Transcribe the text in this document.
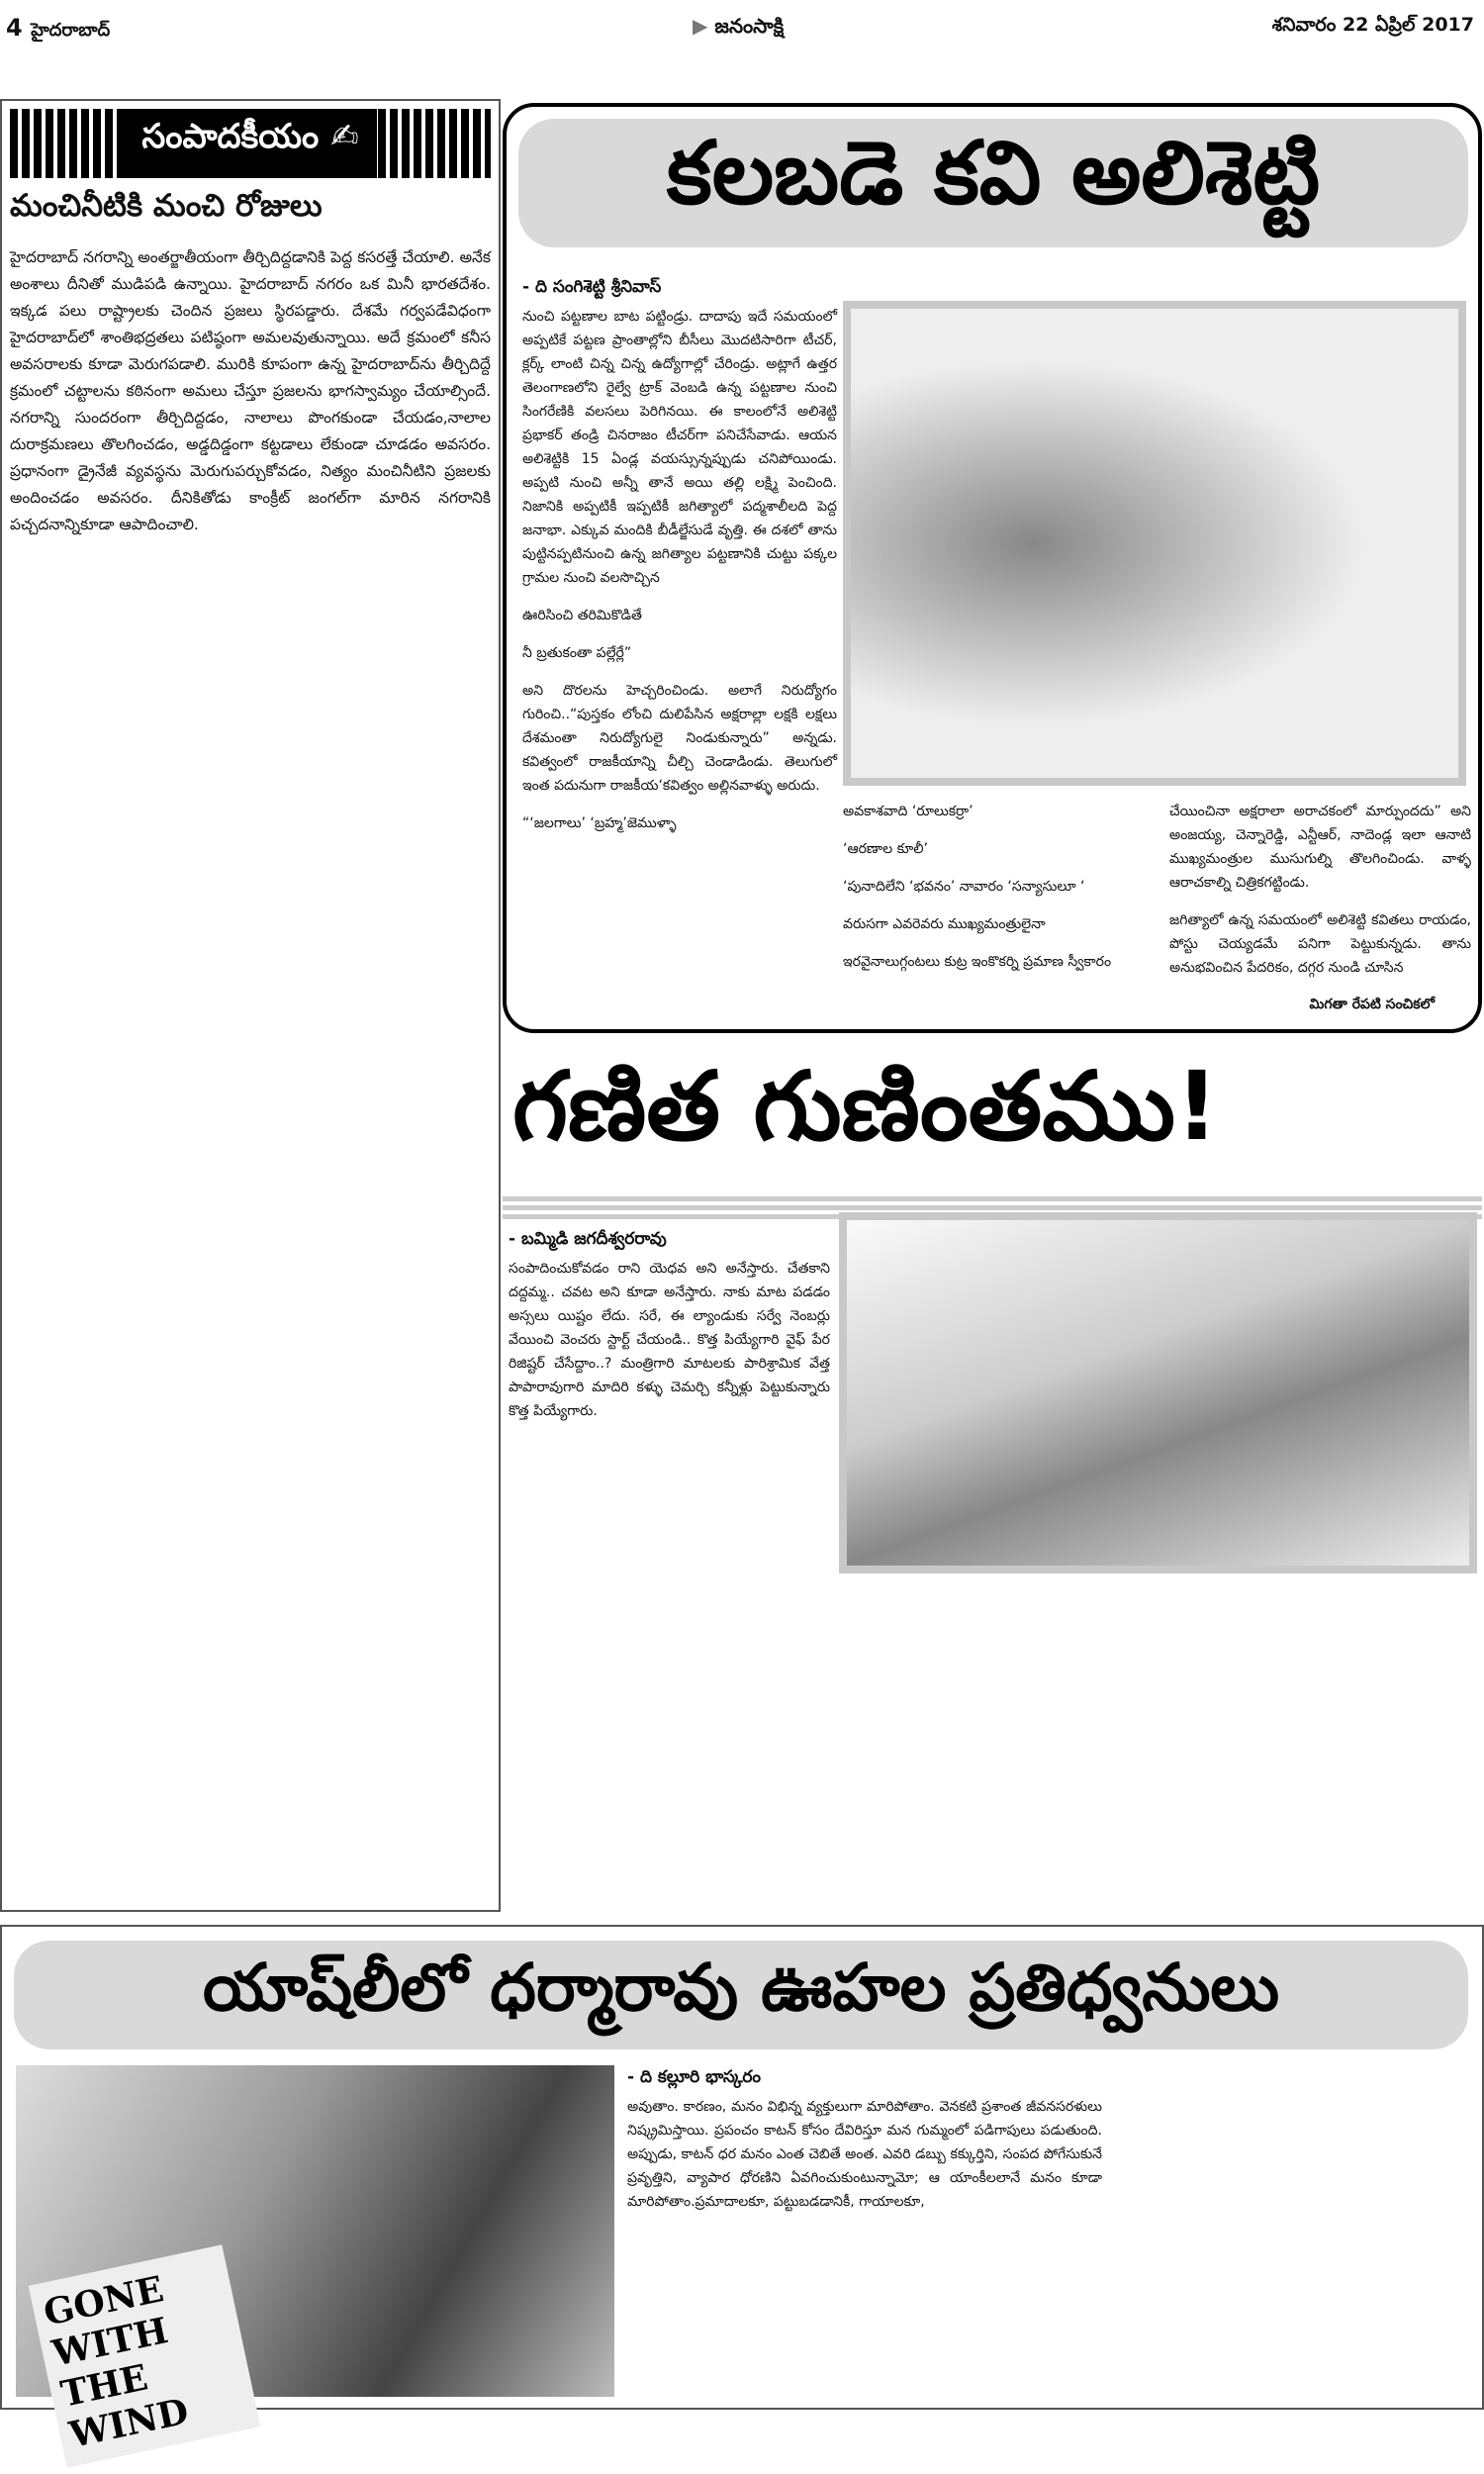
4 హైదరాబాద్	▶ జనంసాక్షి	శనివారం 22 ఏప్రిల్ 2017
సంపాదకీయం ✍
మంచినీటికి మంచి రోజులు
హైదరాబాద్ నగరాన్ని అంతర్జాతీయంగా తీర్చిదిద్దడానికి పెద్ద కసరత్తే చేయాలి. అనేక అంశాలు దీనితో ముడిపడి ఉన్నాయి. హైదరాబాద్ నగరం ఒక మినీ భారతదేశం. ఇక్కడ పలు రాష్ట్రాలకు చెందిన ప్రజలు స్థిరపడ్డారు. దేశమే గర్వపడేవిధంగా హైదరాబాద్‌లో శాంతిభద్రతలు పటిష్ఠంగా అమలవుతున్నాయి. అదే క్రమంలో కనీస అవసరాలకు కూడా మెరుగపడాలి. మురికి కూపంగా ఉన్న హైదరాబాద్‌ను తీర్చిదిద్దే క్రమంలో చట్టాలను కఠినంగా అమలు చేస్తూ ప్రజలను భాగస్వామ్యం చేయాల్సిందే. నగరాన్ని సుందరంగా తీర్చిదిద్దడం, నాలాలు పొంగకుండా చేయడం,నాలాల దురాక్రమణలు తొలగించడం, అడ్డదిడ్డంగా కట్టడాలు లేకుండా చూడడం అవసరం. ప్రధానంగా డ్రైనేజీ వ్యవస్థను మెరుగుపర్చుకోవడం, నిత్యం మంచినీటిని ప్రజలకు అందించడం అవసరం. దీనికితోడు కాంక్రీట్ జంగల్‌గా మారిన నగరానికి పచ్చదనాన్నికూడా ఆపాదించాలి.
కలబడె కవి అలిశెట్టి
- ది సంగిశెట్టి శ్రీనివాస్

నుంచి పట్టణాల బాట పట్టిండ్రు. దాదాపు ఇదే సమయంలో అప్పటికే పట్టణ ప్రాంతాల్లోని బీసీలు మొదటిసారిగా టీచర్, క్లర్క్ లాంటి చిన్న చిన్న ఉద్యోగాల్లో చేరిండ్రు. అట్లాగే ఉత్తర తెలంగాణలోని రైల్వే ట్రాక్ వెంబడి ఉన్న పట్టణాల నుంచి సింగరేణికి వలసలు పెరిగినయి. ఈ కాలంలోనే అలిశెట్టి ప్రభాకర్ తండ్రి చినరాజం టీచర్‌గా పనిచేసేవాడు. ఆయన అలిశెట్టికి 15 ఏండ్ల వయస్సున్నప్పుడు చనిపోయిండు. అప్పటి నుంచి అన్నీ తానే అయి తల్లి లక్ష్మి పెంచింది. నిజానికి అప్పటికీ ఇప్పటికీ జగిత్యాలో పద్మశాలీలది పెద్ద జనాభా. ఎక్కువ మందికి బీడీల్జేసుడే వృత్తి. ఈ దశలో తాను పుట్టినప్పటినుంచి ఉన్న జగిత్యాల పట్టణానికి చుట్టు పక్కల గ్రామల నుంచి వలసొచ్చిన

ఊరిసించి తరిమికొడితే

నీ బ్రతుకంతా పల్లేర్లే”

అని దొరలను హెచ్చరించిండు. అలాగే నిరుద్యోగం గురించి..“పుస్తకం లోంచి దులిపేసిన అక్షరాల్లా లక్షకి లక్షలు దేశమంతా నిరుద్యోగులై నిండుకున్నారు” అన్నడు. కవిత్వంలో రాజకీయాన్ని చీల్చి చెండాడిండు. తెలుగులో ఇంత పదునుగా రాజకీయ‘కవిత్వం అల్లినవాళ్ళు అరుదు.

“‘జలగాలు’ ‘బ్రహ్మ’జెముళ్ళా

అవకాశవాది ‘రూలుకర్రా’

‘ఆరణాల కూలీ’

‘పునాదిలేని ‘భవనం’ నావారం ‘సన్యాసులూ ‘

వరుసగా ఎవరెవరు ముఖ్యమంత్రులైనా

ఇరవైనాలుగ్గంటలు కుట్ర ఇంకొకర్ని ప్రమాణ స్వీకారం

చేయించినా అక్షరాలా అరాచకంలో మార్పుందదు” అని అంజయ్య, చెన్నారెడ్డి, ఎన్టీఆర్, నాదెండ్ల ఇలా ఆనాటి ముఖ్యమంత్రుల ముసుగుల్ని తొలగించిండు. వాళ్ళ ఆరాచకాల్ని చిత్రికగట్టిండు.

జగిత్యాలో ఉన్న సమయంలో అలిశెట్టి కవితలు రాయడం, పోస్టు చెయ్యడమే పనిగా పెట్టుకున్నడు. తాను అనుభవించిన పేదరికం, దగ్గర నుండి చూసిన

మిగతా రేపటి సంచికలో
గణిత గుణింతము!
- బమ్మిడి జగదీశ్వరరావు

సంపాదించుకోవడం రాని యెధవ అని అనేస్తారు. చేతకాని దద్దమ్మ.. చవట అని కూడా అనేస్తారు. నాకు మాట పడడం అస్సలు యిష్టం లేదు. సరే, ఈ ల్యాండుకు సర్వే నెంబర్లు వేయించి వెంచరు స్టార్ట్ చేయండి.. కొత్త పియ్యేగారి వైఫ్ పేర రిజిష్టర్ చేసేద్దాం..? మంత్రిగారి మాటలకు పారిశ్రామిక వేత్త పాపారావుగారి మాదిరి కళ్ళు చెమర్చి కన్నీళ్లు పెట్టుకున్నారు కొత్త పియ్యేగారు.

యాష్‌లీలో ధర్మారావు ఊహల ప్రతిధ్వనులు
GONE WITH THE WIND
- ది కల్లూరి భాస్కరం

అవుతాం. కారణం, మనం విభిన్న వ్యక్తులుగా మారిపోతాం. వెనకటి ప్రశాంత జీవనసరళులు నిష్క్రమిస్తాయి. ప్రపంచం కాటన్ కోసం దేవిరిస్తూ మన గుమ్మంలో పడిగాపులు పడుతుంది. అప్పుడు, కాటన్ ధర మనం ఎంత చెబితే అంత. ఎవరి డబ్బు కక్కుర్తిని, సంపద పోగేసుకునే ప్రవృత్తిని, వ్యాపార ధోరణిని ఏవగించుకుంటున్నామో; ఆ యాంకీలలానే మనం కూడా మారిపోతాం.ప్రమాదాలకూ, పట్టుబడడానికీ, గాయాలకూ,
